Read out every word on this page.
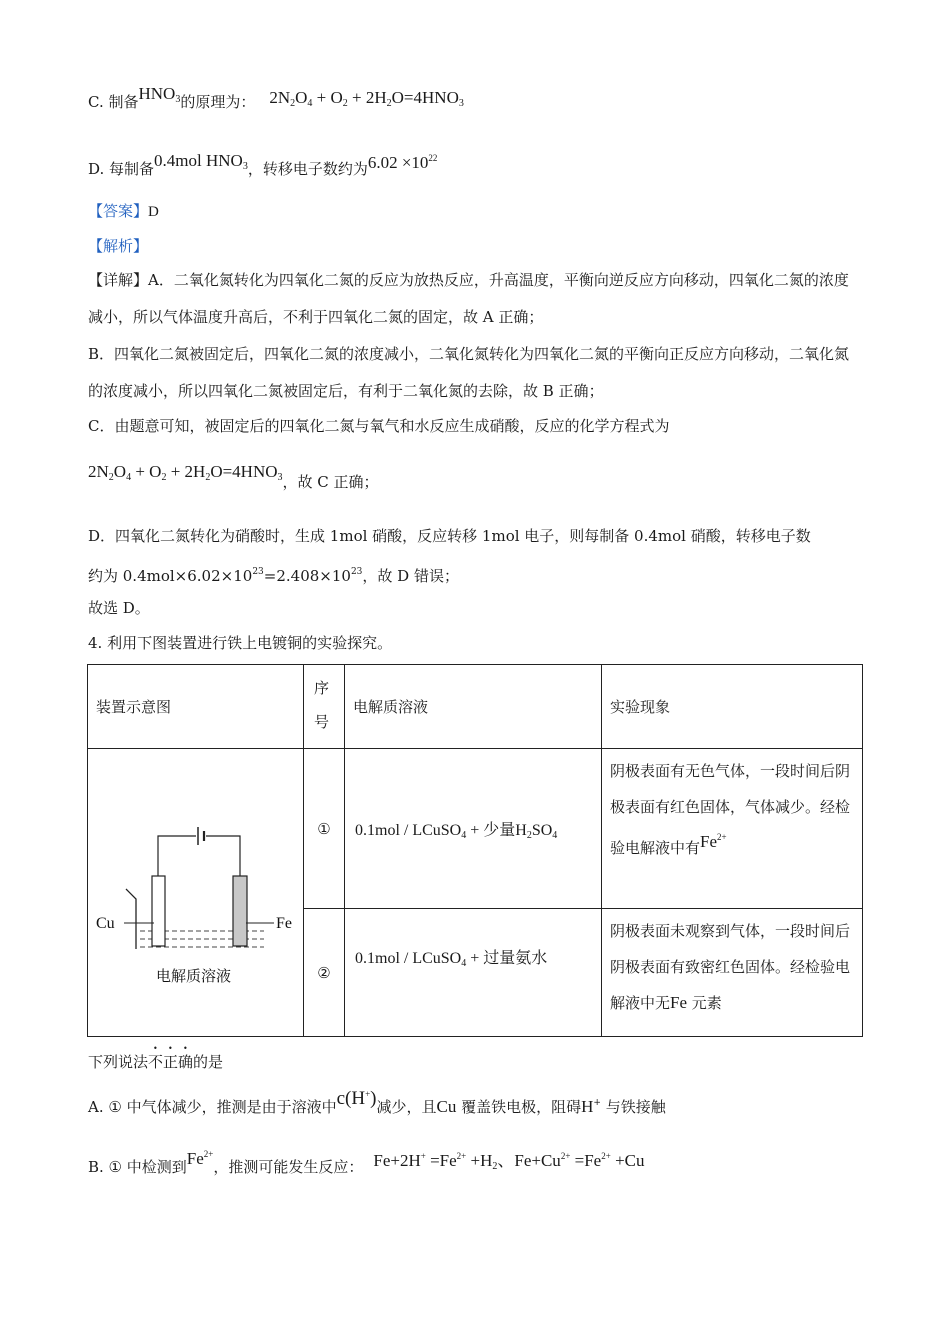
C. 制备$HNO_3$的原理为： $2N_2O_4 + O_2 + 2H_2O=4HNO_3$
D. 每制备0.4mol $HNO_3$，转移电子数约为$6.02 \times 10^{22}$
【答案】D
【解析】
【详解】A．二氧化氮转化为四氧化二氮的反应为放热反应，升高温度，平衡向逆反应方向移动，四氧化二氮的浓度减小，所以气体温度升高后，不利于四氧化二氮的固定，故 A 正确；
B．四氧化二氮被固定后，四氧化二氮的浓度减小，二氧化氮转化为四氧化二氮的平衡向正反应方向移动，二氧化氮的浓度减小，所以四氧化二氮被固定后，有利于二氧化氮的去除，故 B 正确；
C．由题意可知，被固定后的四氧化二氮与氧气和水反应生成硝酸，反应的化学方程式为
$2N_2O_4 + O_2 + 2H_2O=4HNO_3$，故 C 正确；
D．四氧化二氮转化为硝酸时，生成 1mol 硝酸，反应转移 1mol 电子，则每制备 0.4mol 硝酸，转移电子数
约为 $0.4mol\times 6.02\times 10^{23}=2.408\times 10^{23}$，故 D 错误；
故选 D。
4. 利用下图装置进行铁上电镀铜的实验探究。
装置示意图	序号	电解质溶液	实验现象

Cu Fe
电解质溶液	①	0.1mol / LCuSO$_4$ + 少量$H_2SO_4$	阴极表面有无色气体，一段时间后阴极表面有红色固体，气体减少。经检验电解液中有$Fe^{2+}$

	②	0.1mol / LCuSO$_4$ + 过量氨水	阴极表面未观察到气体，一段时间后阴极表面有致密红色固体。经检验电解液中无Fe 元素
下列说法不正确的是
A. ① 中气体减少，推测是由于溶液中c(H+)减少，且Cu 覆盖铁电极，阻碍H+ 与铁接触
B. ① 中检测到$Fe^{2+}$，推测可能发生反应： $Fe+2H^+ =Fe^{2+} +H_2$、$Fe+Cu^{2+} =Fe^{2+} +Cu$
